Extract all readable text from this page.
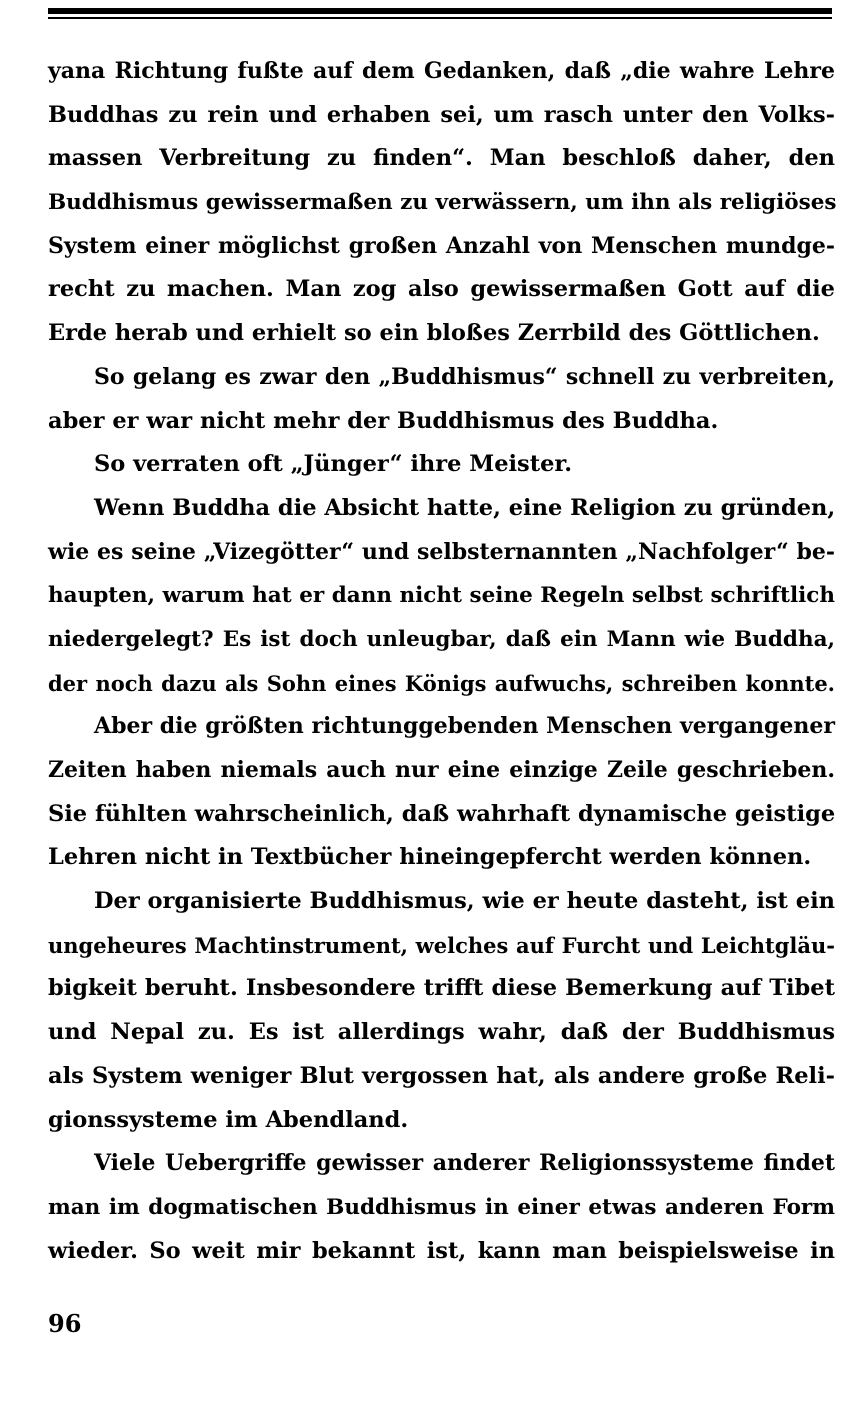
yana Richtung fußte auf dem Gedanken, daß „die wahre Lehre
Buddhas zu rein und erhaben sei, um rasch unter den Volks-
massen Verbreitung zu finden“. Man beschloß daher, den
Buddhismus gewissermaßen zu verwässern, um ihn als religiöses
System einer möglichst großen Anzahl von Menschen mundge-
recht zu machen. Man zog also gewissermaßen Gott auf die
Erde herab und erhielt so ein bloßes Zerrbild des Göttlichen.
So gelang es zwar den „Buddhismus“ schnell zu verbreiten,
aber er war nicht mehr der Buddhismus des Buddha.
So verraten oft „Jünger“ ihre Meister.
Wenn Buddha die Absicht hatte, eine Religion zu gründen,
wie es seine „Vizegötter“ und selbsternannten „Nachfolger“ be-
haupten, warum hat er dann nicht seine Regeln selbst schriftlich
niedergelegt? Es ist doch unleugbar, daß ein Mann wie Buddha,
der noch dazu als Sohn eines Königs aufwuchs, schreiben konnte.
Aber die größten richtunggebenden Menschen vergangener
Zeiten haben niemals auch nur eine einzige Zeile geschrieben.
Sie fühlten wahrscheinlich, daß wahrhaft dynamische geistige
Lehren nicht in Textbücher hineingepfercht werden können.
Der organisierte Buddhismus, wie er heute dasteht, ist ein
ungeheures Machtinstrument, welches auf Furcht und Leichtgläu-
bigkeit beruht. Insbesondere trifft diese Bemerkung auf Tibet
und Nepal zu. Es ist allerdings wahr, daß der Buddhismus
als System weniger Blut vergossen hat, als andere große Reli-
gionssysteme im Abendland.
Viele Uebergriffe gewisser anderer Religionssysteme findet
man im dogmatischen Buddhismus in einer etwas anderen Form
wieder. So weit mir bekannt ist, kann man beispielsweise in
96
